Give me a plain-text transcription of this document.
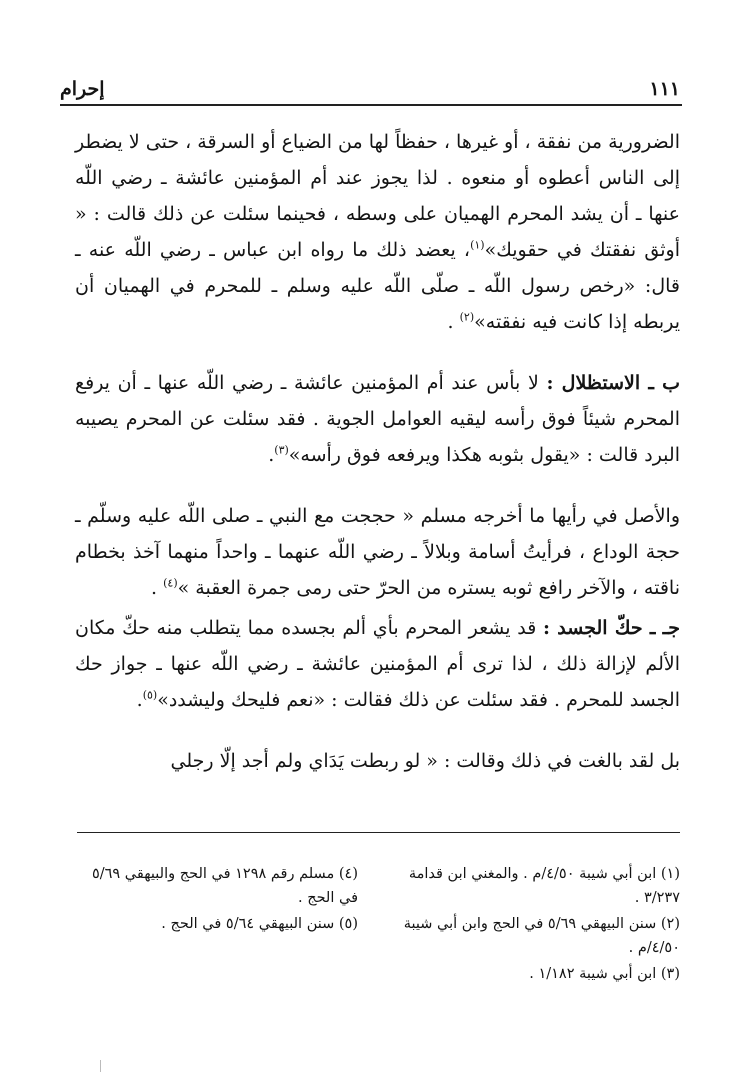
١١١
إحرام

الضرورية من نفقة ، أو غيرها ، حفظاً لها من الضياع أو السرقة ، حتى لا يضطر إلى الناس أعطوه أو منعوه . لذا يجوز عند أم المؤمنين عائشة ـ رضي اللّه عنها ـ أن يشد المحرم الهميان على وسطه ، فحينما سئلت عن ذلك قالت : « أوثق نفقتك في حقويك»$^{(١)}$، يعضد ذلك ما رواه ابن عباس ـ رضي اللّه عنه ـ قال: «رخص رسول اللّه ـ صلّى اللّه عليه وسلم ـ للمحرم في الهميان أن يربطه إذا كانت فيه نفقته»$^{(٢)}$ .

ب ـ الاستظلال : لا بأس عند أم المؤمنين عائشة ـ رضي اللّه عنها ـ أن يرفع المحرم شيئاً فوق رأسه ليقيه العوامل الجوية . فقد سئلت عن المحرم يصيبه البرد قالت : «يقول بثوبه هكذا ويرفعه فوق رأسه»$^{(٣)}$.

والأصل في رأيها ما أخرجه مسلم « حججت مع النبي ـ صلى اللّه عليه وسلّم ـ حجة الوداع ، فرأيتُ أسامة وبلالاً ـ رضي اللّه عنهما ـ واحداً منهما آخذ بخطام ناقته ، والآخر رافع ثوبه يستره من الحرّ حتى رمى جمرة العقبة »$^{(٤)}$ .

جـ ـ حكّ الجسد : قد يشعر المحرم بأي ألم بجسده مما يتطلب منه حكّ مكان الألم لإزالة ذلك ، لذا ترى أم المؤمنين عائشة ـ رضي اللّه عنها ـ جواز حك الجسد للمحرم . فقد سئلت عن ذلك فقالت : «نعم فليحك وليشدد»$^{(٥)}$.

بل لقد بالغت في ذلك وقالت : « لو ربطت يَدَاي ولم أجد إلّا رجلي

(١) ابن أبي شيبة ٤/٥٠/م . والمغني ابن قدامة ٣/٢٣٧ .
(٢) سنن البيهقي ٥/٦٩ في الحج وابن أبي شيبة ٤/٥٠/م .
(٣) ابن أبي شيبة ١/١٨٢ .
(٤) مسلم رقم ١٢٩٨ في الحج والبيهقي ٥/٦٩ في الحج .
(٥) سنن البيهقي ٥/٦٤ في الحج .
